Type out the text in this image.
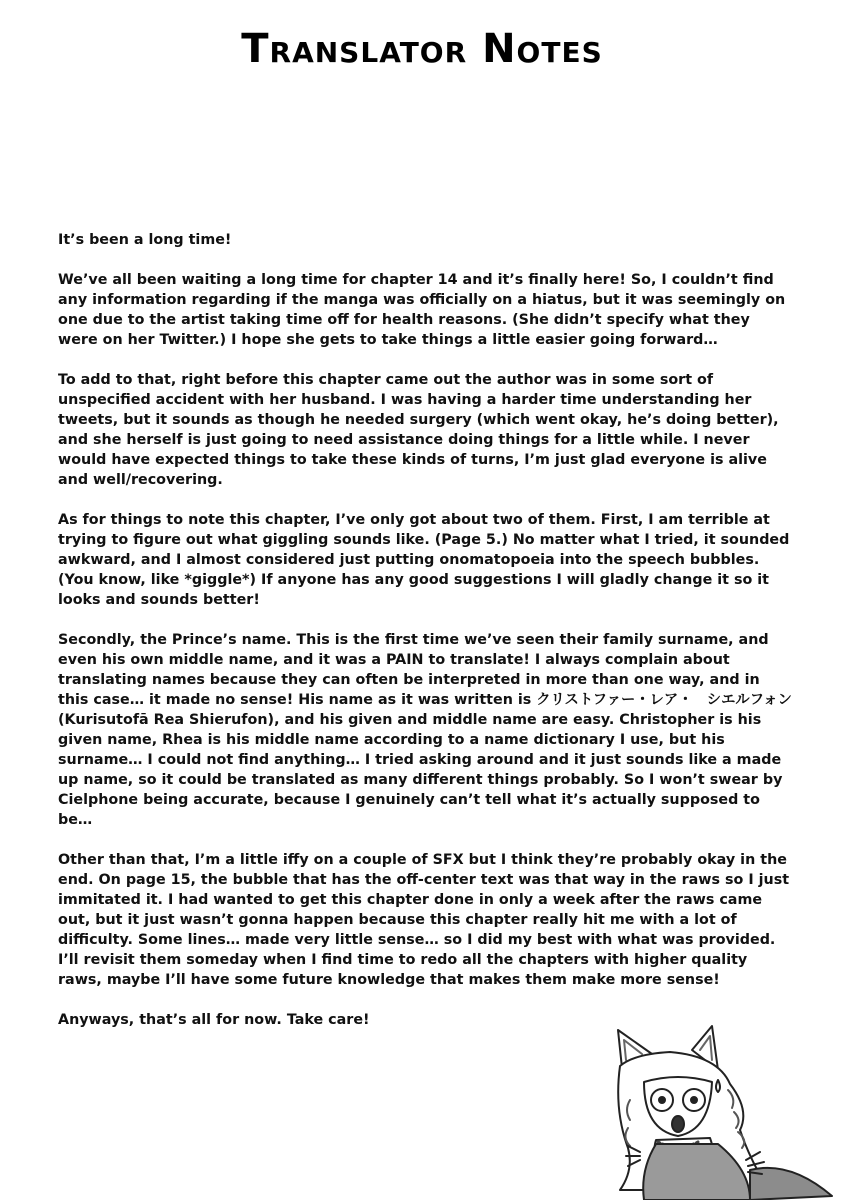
Translator Notes

It’s been a long time!

We’ve all been waiting a long time for chapter 14 and it’s finally here! So, I couldn’t find any information regarding if the manga was officially on a hiatus, but it was seemingly on one due to the artist taking time off for health reasons. (She didn’t specify what they were on her Twitter.) I hope she gets to take things a little easier going forward…

To add to that, right before this chapter came out the author was in some sort of unspecified accident with her husband. I was having a harder time understanding her tweets, but it sounds as though he needed surgery (which went okay, he’s doing better), and she herself is just going to need assistance doing things for a little while. I never would have expected things to take these kinds of turns, I’m just glad everyone is alive and well/recovering.

As for things to note this chapter, I’ve only got about two of them. First, I am terrible at trying to figure out what giggling sounds like. (Page 5.) No matter what I tried, it sounded awkward, and I almost considered just putting onomatopoeia into the speech bubbles. (You know, like *giggle*) If anyone has any good suggestions I will gladly change it so it looks and sounds better!

Secondly, the Prince’s name. This is the first time we’ve seen their family surname, and even his own middle name, and it was a PAIN to translate! I always complain about translating names because they can often be interpreted in more than one way, and in this case… it made no sense! His name as it was written is クリストファー・レア・　シエルフォン (Kurisutofā Rea Shierufon), and his given and middle name are easy. Christopher is his given name, Rhea is his middle name according to a name dictionary I use, but his surname… I could not find anything… I tried asking around and it just sounds like a made up name, so it could be translated as many different things probably. So I won’t swear by Cielphone being accurate, because I genuinely can’t tell what it’s actually supposed to be…

Other than that, I’m a little iffy on a couple of SFX but I think they’re probably okay in the end. On page 15, the bubble that has the off-center text was that way in the raws so I just immitated it. I had wanted to get this chapter done in only a week after the raws came out, but it just wasn’t gonna happen because this chapter really hit me with a lot of difficulty. Some lines… made very little sense… so I did my best with what was provided. I’ll revisit them someday when I find time to redo all the chapters with higher quality raws, maybe I’ll have some future knowledge that makes them make more sense!

Anyways, that’s all for now. Take care!
